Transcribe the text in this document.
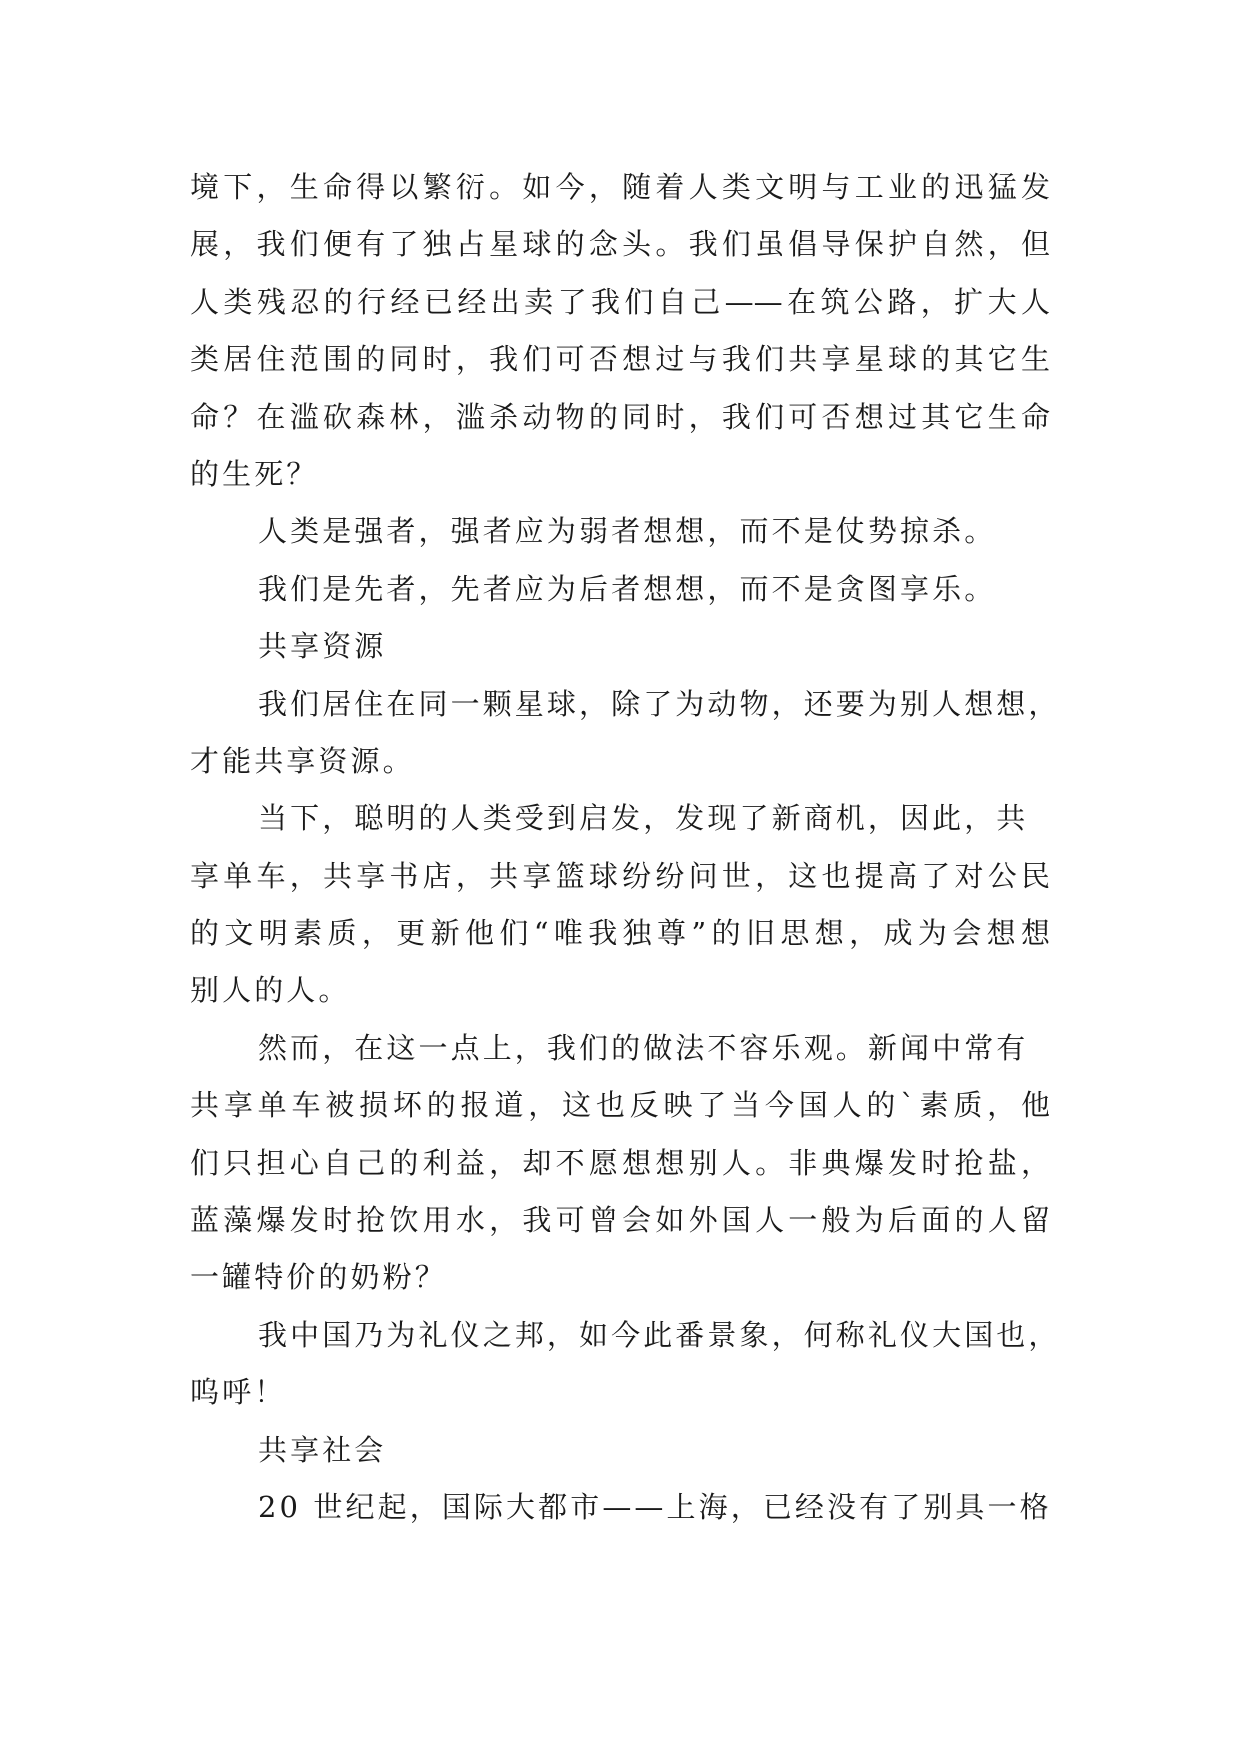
境下，生命得以繁衍。如今，随着人类文明与工业的迅猛发
展，我们便有了独占星球的念头。我们虽倡导保护自然，但
人类残忍的行经已经出卖了我们自己——在筑公路，扩大人
类居住范围的同时，我们可否想过与我们共享星球的其它生
命？在滥砍森林，滥杀动物的同时，我们可否想过其它生命
的生死？
人类是强者，强者应为弱者想想，而不是仗势掠杀。
我们是先者，先者应为后者想想，而不是贪图享乐。
共享资源
我们居住在同一颗星球，除了为动物，还要为别人想想，
才能共享资源。
当下，聪明的人类受到启发，发现了新商机，因此，共
享单车，共享书店，共享篮球纷纷问世，这也提高了对公民
的文明素质，更新他们“唯我独尊”的旧思想，成为会想想
别人的人。
然而，在这一点上，我们的做法不容乐观。新闻中常有
共享单车被损坏的报道，这也反映了当今国人的`素质，他
们只担心自己的利益，却不愿想想别人。非典爆发时抢盐，
蓝藻爆发时抢饮用水，我可曾会如外国人一般为后面的人留
一罐特价的奶粉？
我中国乃为礼仪之邦，如今此番景象，何称礼仪大国也，
呜呼！
共享社会
20 世纪起，国际大都市——上海，已经没有了别具一格
